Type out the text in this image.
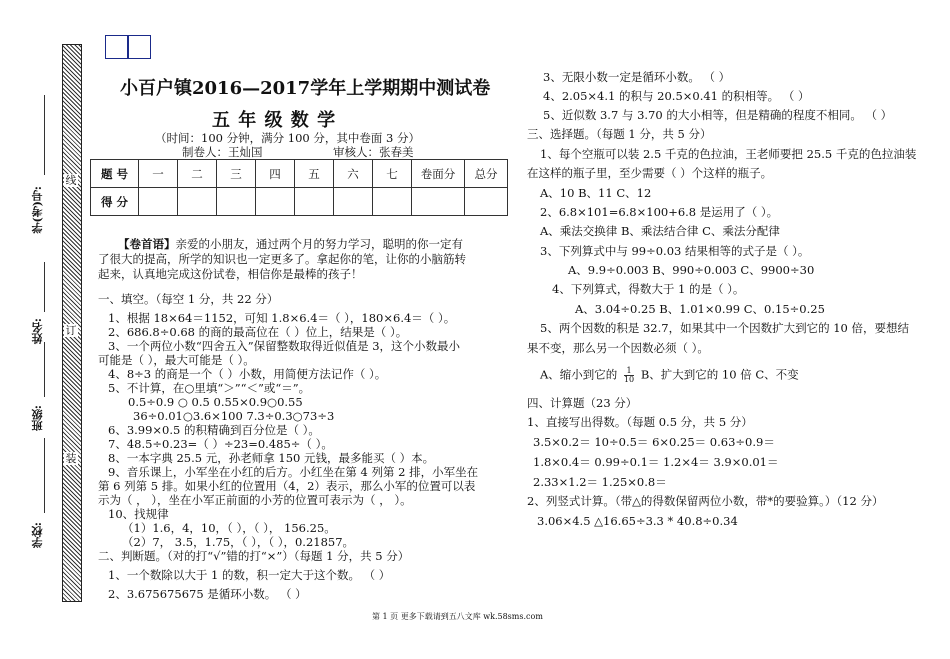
学(考)号:
姓名:
班级:
学校:
线
订
装
小百户镇2016—2017学年上学期期中测试卷
五 年 级 数 学
（时间：100 分钟，满分 100 分，其中卷面 3 分）
制卷人：王灿国	审核人：张春美
题 号	一	二	三	四	五	六	七	卷面分	总分
得 分									
【卷首语】亲爱的小朋友，通过两个月的努力学习，聪明的你一定有
了很大的提高，所学的知识也一定更多了。拿起你的笔，让你的小脑筋转
起来，认真地完成这份试卷，相信你是最棒的孩子！
一、填空。（每空 1 分，共 22 分）
1、根据 18×64＝1152，可知 1.8×6.4＝（ ），180×6.4＝（ ）。
2、686.8÷0.68 的商的最高位在（ ）位上，结果是（ ）。
3、一个两位小数“四舍五入”保留整数取得近似值是 3，这个小数最小
可能是（ ），最大可能是（ ）。
4、8÷3 的商是一个（ ）小数，用简便方法记作（ ）。
5、不计算，在○里填“＞”“＜”或“＝”。
0.5÷0.9 ○ 0.5 0.55×0.9○0.55
36÷0.01○3.6×100 7.3÷0.3○73÷3
6、3.99×0.5 的积精确到百分位是（ ）。
7、48.5÷0.23=（ ）÷23=0.485÷（ ）。
8、一本字典 25.5 元，孙老师拿 150 元钱，最多能买（ ）本。
9、音乐课上，小军坐在小红的后方。小红坐在第 4 列第 2 排，小军坐在
第 6 列第 5 排。如果小红的位置用（4，2）表示，那么小军的位置可以表
示为（ ， ），坐在小军正前面的小芳的位置可表示为（ ， ）。
10、找规律
（1）1.6，4，10，（ ），（ ）， 156.25。
（2）7， 3.5，1.75，（ ），（ ），0.21857。
二、判断题。（对的打“√”错的打“×”）（每题 1 分，共 5 分）
1、一个数除以大于 1 的数，积一定大于这个数。 （ ）
2、3.675675675 是循环小数。 （ ）
3、无限小数一定是循环小数。 （ ）
4、2.05×4.1 的积与 20.5×0.41 的积相等。 （ ）
5、近似数 3.7 与 3.70 的大小相等，但是精确的程度不相同。 （ ）
三、选择题。（每题 1 分，共 5 分）
1、每个空瓶可以装 2.5 千克的色拉油，王老师要把 25.5 千克的色拉油装
在这样的瓶子里，至少需要（ ）个这样的瓶子。
A、10 B、11 C、12
2、6.8×101=6.8×100+6.8 是运用了（ ）。
A、乘法交换律 B、乘法结合律 C、乘法分配律
3、下列算式中与 99÷0.03 结果相等的式子是（ ）。
A、9.9÷0.003 B、990÷0.003 C、9900÷30
4、下列算式，得数大于 1 的是（ ）。
A、3.04÷0.25 B、1.01×0.99 C、0.15÷0.25
5、两个因数的积是 32.7，如果其中一个因数扩大到它的 10 倍，要想结
果不变，那么另一个因数必须（ ）。
A、缩小到它的 $\frac{1}{10}$ B、扩大到它的 10 倍 C、不变
四、计算题（23 分）
1、直接写出得数。（每题 0.5 分，共 5 分）
3.5×0.2＝ 10÷0.5＝ 6×0.25＝ 0.63÷0.9＝
1.8×0.4＝ 0.99÷0.1＝ 1.2×4＝ 3.9×0.01＝
2.33×1.2＝ 1.25×0.8＝
2、列竖式计算。（带△的得数保留两位小数，带*的要验算。）（12 分）
3.06×4.5 △16.65÷3.3 * 40.8÷0.34
第 1 页 更多下载请到五八文库 wk.58sms.com
